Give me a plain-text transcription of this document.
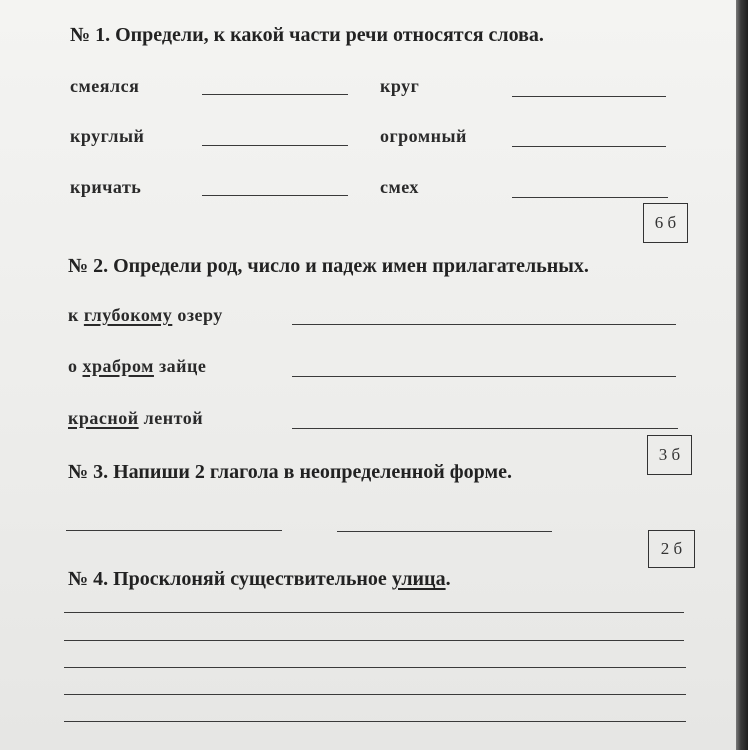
№ 1. Определи, к какой части речи относятся слова.
смеялся	круг
круглый	огромный
кричать	смех
6 б
№ 2. Определи род, число и падеж имен прилагательных.
к глубокому озеру
о храбром зайце
красной лентой
3 б
№ 3. Напиши 2 глагола в неопределенной форме.
2 б
№ 4. Просклоняй существительное улица.
